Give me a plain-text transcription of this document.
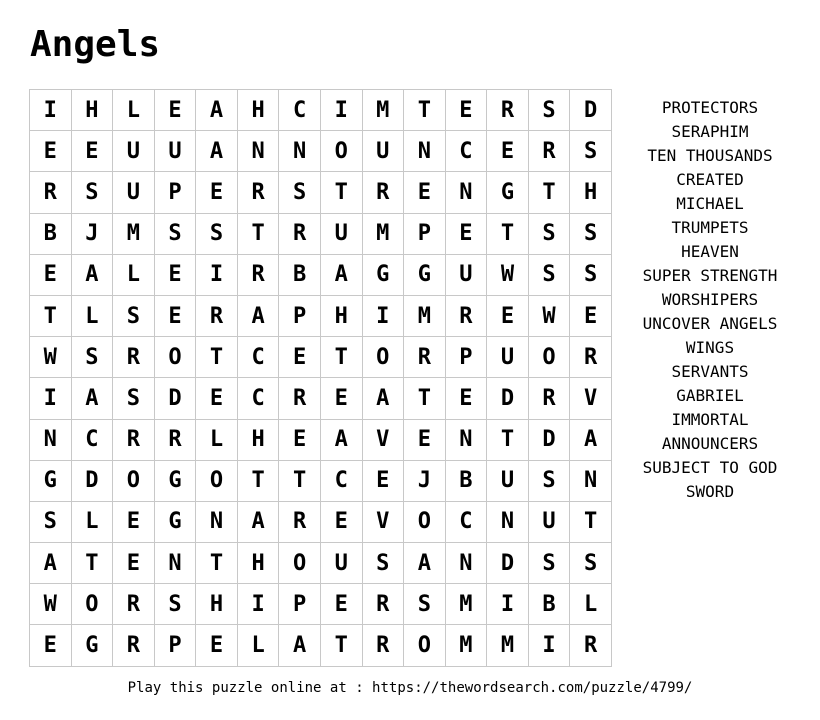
Angels
I	H	L	E	A	H	C	I	M	T	E	R	S	D
E	E	U	U	A	N	N	O	U	N	C	E	R	S
R	S	U	P	E	R	S	T	R	E	N	G	T	H
B	J	M	S	S	T	R	U	M	P	E	T	S	S
E	A	L	E	I	R	B	A	G	G	U	W	S	S
T	L	S	E	R	A	P	H	I	M	R	E	W	E
W	S	R	O	T	C	E	T	O	R	P	U	O	R
I	A	S	D	E	C	R	E	A	T	E	D	R	V
N	C	R	R	L	H	E	A	V	E	N	T	D	A
G	D	O	G	O	T	T	C	E	J	B	U	S	N
S	L	E	G	N	A	R	E	V	O	C	N	U	T
A	T	E	N	T	H	O	U	S	A	N	D	S	S
W	O	R	S	H	I	P	E	R	S	M	I	B	L
E	G	R	P	E	L	A	T	R	O	M	M	I	R
PROTECTORS
SERAPHIM
TEN THOUSANDS
CREATED
MICHAEL
TRUMPETS
HEAVEN
SUPER STRENGTH
WORSHIPERS
UNCOVER ANGELS
WINGS
SERVANTS
GABRIEL
IMMORTAL
ANNOUNCERS
SUBJECT TO GOD
SWORD
Play this puzzle online at : https://thewordsearch.com/puzzle/4799/
